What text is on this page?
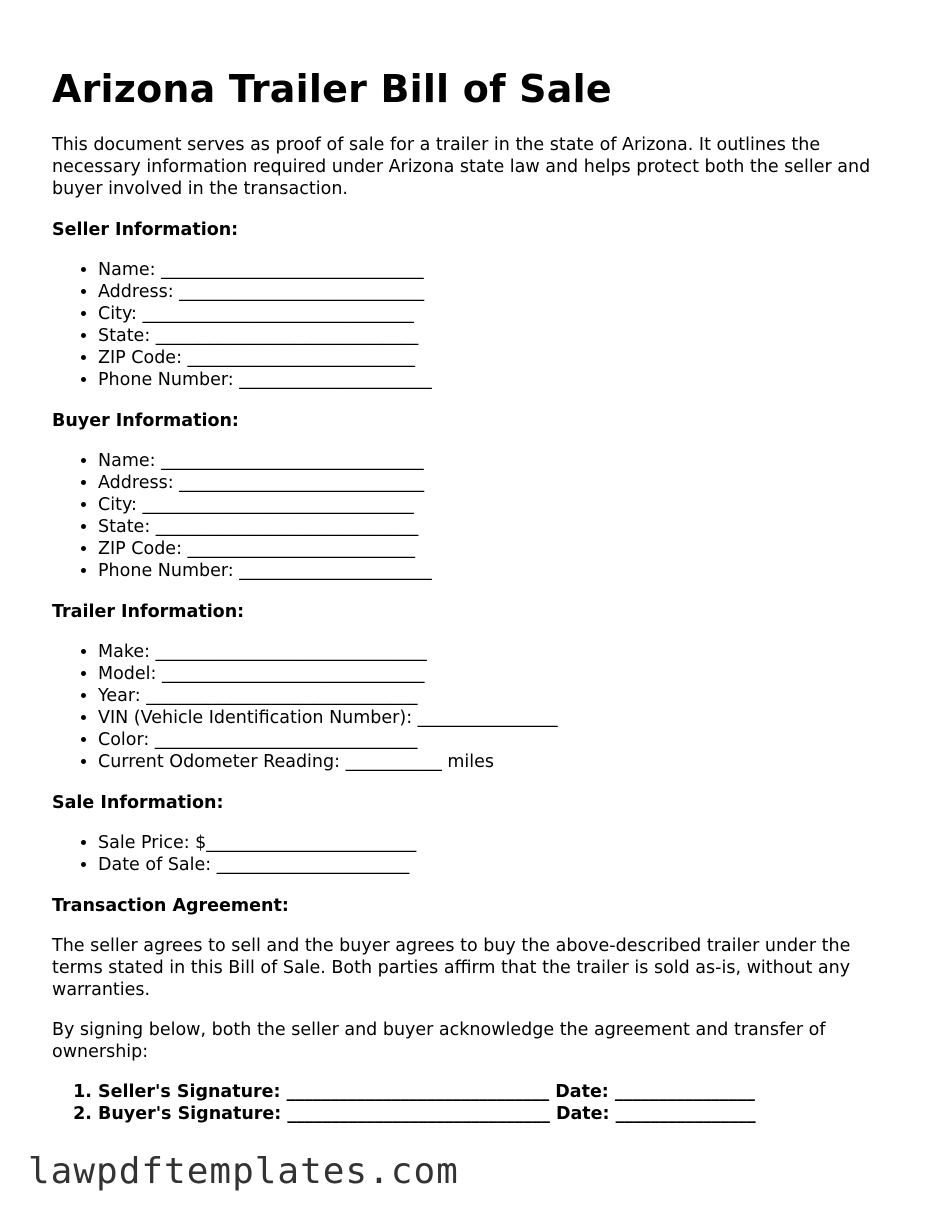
Arizona Trailer Bill of Sale

This document serves as proof of sale for a trailer in the state of Arizona. It outlines the necessary information required under Arizona state law and helps protect both the seller and buyer involved in the transaction.

Seller Information:
• Name: ______________________________
• Address: ____________________________
• City: _______________________________
• State: ______________________________
• ZIP Code: __________________________
• Phone Number: ______________________
Buyer Information:
• Name: ______________________________
• Address: ____________________________
• City: _______________________________
• State: ______________________________
• ZIP Code: __________________________
• Phone Number: ______________________
Trailer Information:
• Make: _______________________________
• Model: ______________________________
• Year: _______________________________
• VIN (Vehicle Identification Number): ________________
• Color: ______________________________
• Current Odometer Reading: ___________ miles
Sale Information:
• Sale Price: $________________________
• Date of Sale: ______________________
Transaction Agreement:

The seller agrees to sell and the buyer agrees to buy the above-described trailer under the terms stated in this Bill of Sale. Both parties affirm that the trailer is sold as-is, without any warranties.

By signing below, both the seller and buyer acknowledge the agreement and transfer of ownership:

1. Seller's Signature: ______________________________ Date: ________________
2. Buyer's Signature: ______________________________ Date: ________________
lawpdftemplates.com
